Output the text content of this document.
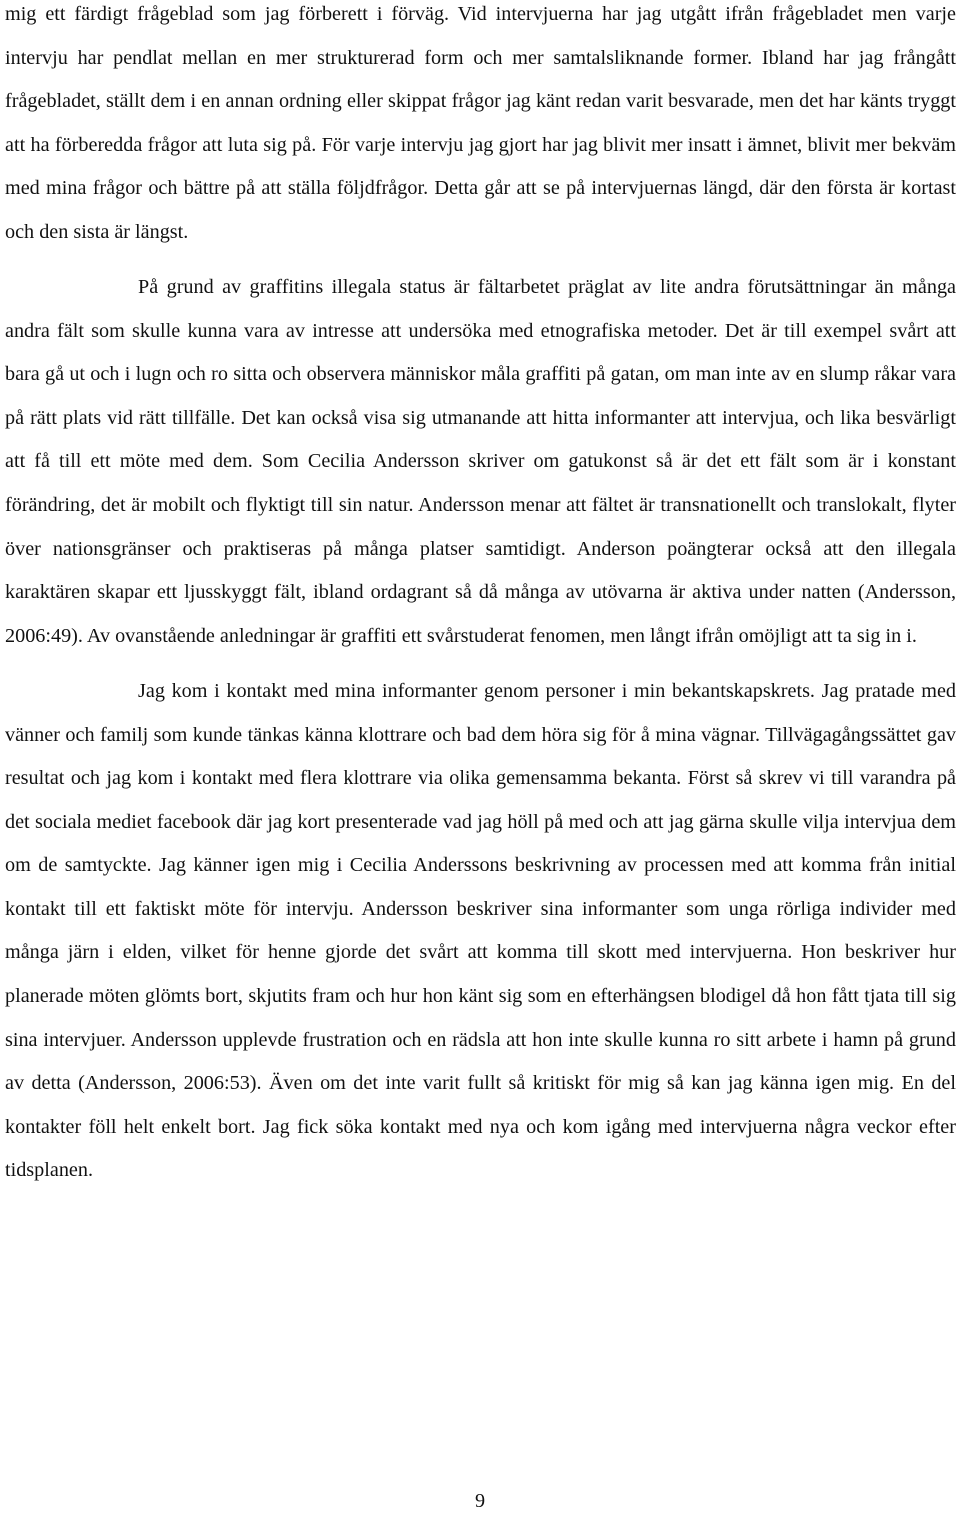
mig ett färdigt frågeblad som jag förberett i förväg. Vid intervjuerna har jag utgått ifrån frågebladet men varje intervju har pendlat mellan en mer strukturerad form och mer samtalsliknande former. Ibland har jag frångått frågebladet, ställt dem i en annan ordning eller skippat frågor jag känt redan varit besvarade, men det har känts tryggt att ha förberedda frågor att luta sig på. För varje intervju jag gjort har jag blivit mer insatt i ämnet, blivit mer bekväm med mina frågor och bättre på att ställa följdfrågor. Detta går att se på intervjuernas längd, där den första är kortast och den sista är längst.

På grund av graffitins illegala status är fältarbetet präglat av lite andra förutsättningar än många andra fält som skulle kunna vara av intresse att undersöka med etnografiska metoder. Det är till exempel svårt att bara gå ut och i lugn och ro sitta och observera människor måla graffiti på gatan, om man inte av en slump råkar vara på rätt plats vid rätt tillfälle. Det kan också visa sig utmanande att hitta informanter att intervjua, och lika besvärligt att få till ett möte med dem. Som Cecilia Andersson skriver om gatukonst så är det ett fält som är i konstant förändring, det är mobilt och flyktigt till sin natur. Andersson menar att fältet är transnationellt och translokalt, flyter över nationsgränser och praktiseras på många platser samtidigt. Anderson poängterar också att den illegala karaktären skapar ett ljusskyggt fält, ibland ordagrant så då många av utövarna är aktiva under natten (Andersson, 2006:49). Av ovanstående anledningar är graffiti ett svårstuderat fenomen, men långt ifrån omöjligt att ta sig in i.

Jag kom i kontakt med mina informanter genom personer i min bekantskapskrets. Jag pratade med vänner och familj som kunde tänkas känna klottrare och bad dem höra sig för å mina vägnar. Tillvägagångssättet gav resultat och jag kom i kontakt med flera klottrare via olika gemensamma bekanta. Först så skrev vi till varandra på det sociala mediet facebook där jag kort presenterade vad jag höll på med och att jag gärna skulle vilja intervjua dem om de samtyckte. Jag känner igen mig i Cecilia Anderssons beskrivning av processen med att komma från initial kontakt till ett faktiskt möte för intervju. Andersson beskriver sina informanter som unga rörliga individer med många järn i elden, vilket för henne gjorde det svårt att komma till skott med intervjuerna. Hon beskriver hur planerade möten glömts bort, skjutits fram och hur hon känt sig som en efterhängsen blodigel då hon fått tjata till sig sina intervjuer. Andersson upplevde frustration och en rädsla att hon inte skulle kunna ro sitt arbete i hamn på grund av detta (Andersson, 2006:53). Även om det inte varit fullt så kritiskt för mig så kan jag känna igen mig. En del kontakter föll helt enkelt bort. Jag fick söka kontakt med nya och kom igång med intervjuerna några veckor efter tidsplanen.

9
